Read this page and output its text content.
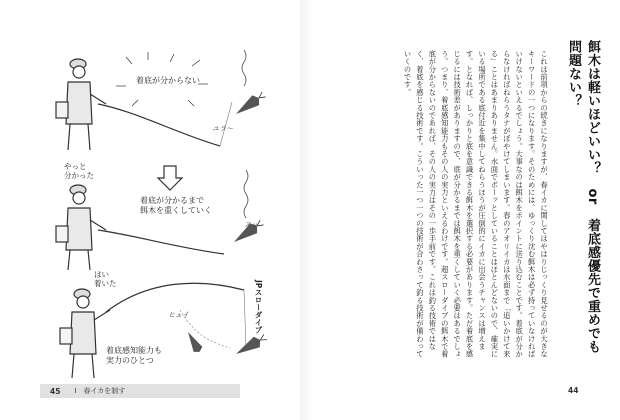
着底が分からない
ユラ〜
やっと
分かった
着底が分かるまで
餌木を重くしていく
スッ
はい
着いた	JPスローダイブ
ヒュイ
着底感知能力も
実力のひとつ
45 Ⅰ　春イカを制す
餌木は軽いほどいい？　or　着底感優先で重めでも問題ない？
これは前項からの続きになりますが、春イカに関してはやはりじっくり見せるのが大きなキーワードの一つになります。そのためには、ゆっくり沈む餌木は必ず持っていなければいけないといえるでしょう。大事なのは餌木をポイントに送り込むことです。着底が分からなければねらうタナがぼやけてしまいます。春のアオリイカは水面まで「追いかけて来る」ことはあまりありません。水面でポーッとしていることはほとんどないので、確実にいる場所である底付近を集中してねらうほうが圧倒的にイカに出会うチャンスは増えます。となれば、しっかりと底を意識できる餌木を選択する必要があります。ただ着底を感じるには技術差がありますので、底が分かるまでは餌木を重くしていく必要はあるでしょう。つまり、着底感知能力もその人の実力といえるわけです。超スローダイブの餌木で着底が分からないのであれば、その人の実力はその一歩手前です。これは釣る技術ではなく、着底を感じる技術です。こういった一つ一つの技術が合わさって釣る技術が備わっていくのです。
44
